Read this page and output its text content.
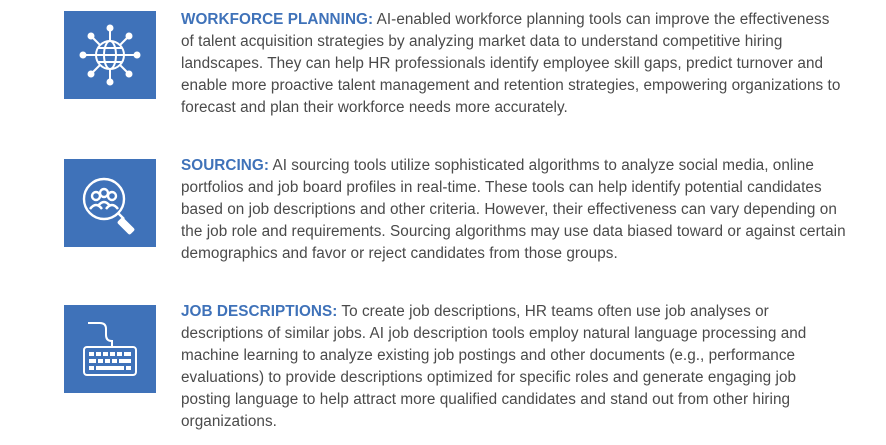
WORKFORCE PLANNING: AI-enabled workforce planning tools can improve the effectiveness of talent acquisition strategies by analyzing market data to understand competitive hiring landscapes. They can help HR professionals identify employee skill gaps, predict turnover and enable more proactive talent management and retention strategies, empowering organizations to forecast and plan their workforce needs more accurately.
SOURCING: AI sourcing tools utilize sophisticated algorithms to analyze social media, online portfolios and job board profiles in real-time. These tools can help identify potential candidates based on job descriptions and other criteria. However, their effectiveness can vary depending on the job role and requirements. Sourcing algorithms may use data biased toward or against certain demographics and favor or reject candidates from those groups.
JOB DESCRIPTIONS: To create job descriptions, HR teams often use job analyses or descriptions of similar jobs. AI job description tools employ natural language processing and machine learning to analyze existing job postings and other documents (e.g., performance evaluations) to provide descriptions optimized for specific roles and generate engaging job posting language to help attract more qualified candidates and stand out from other hiring organizations.
